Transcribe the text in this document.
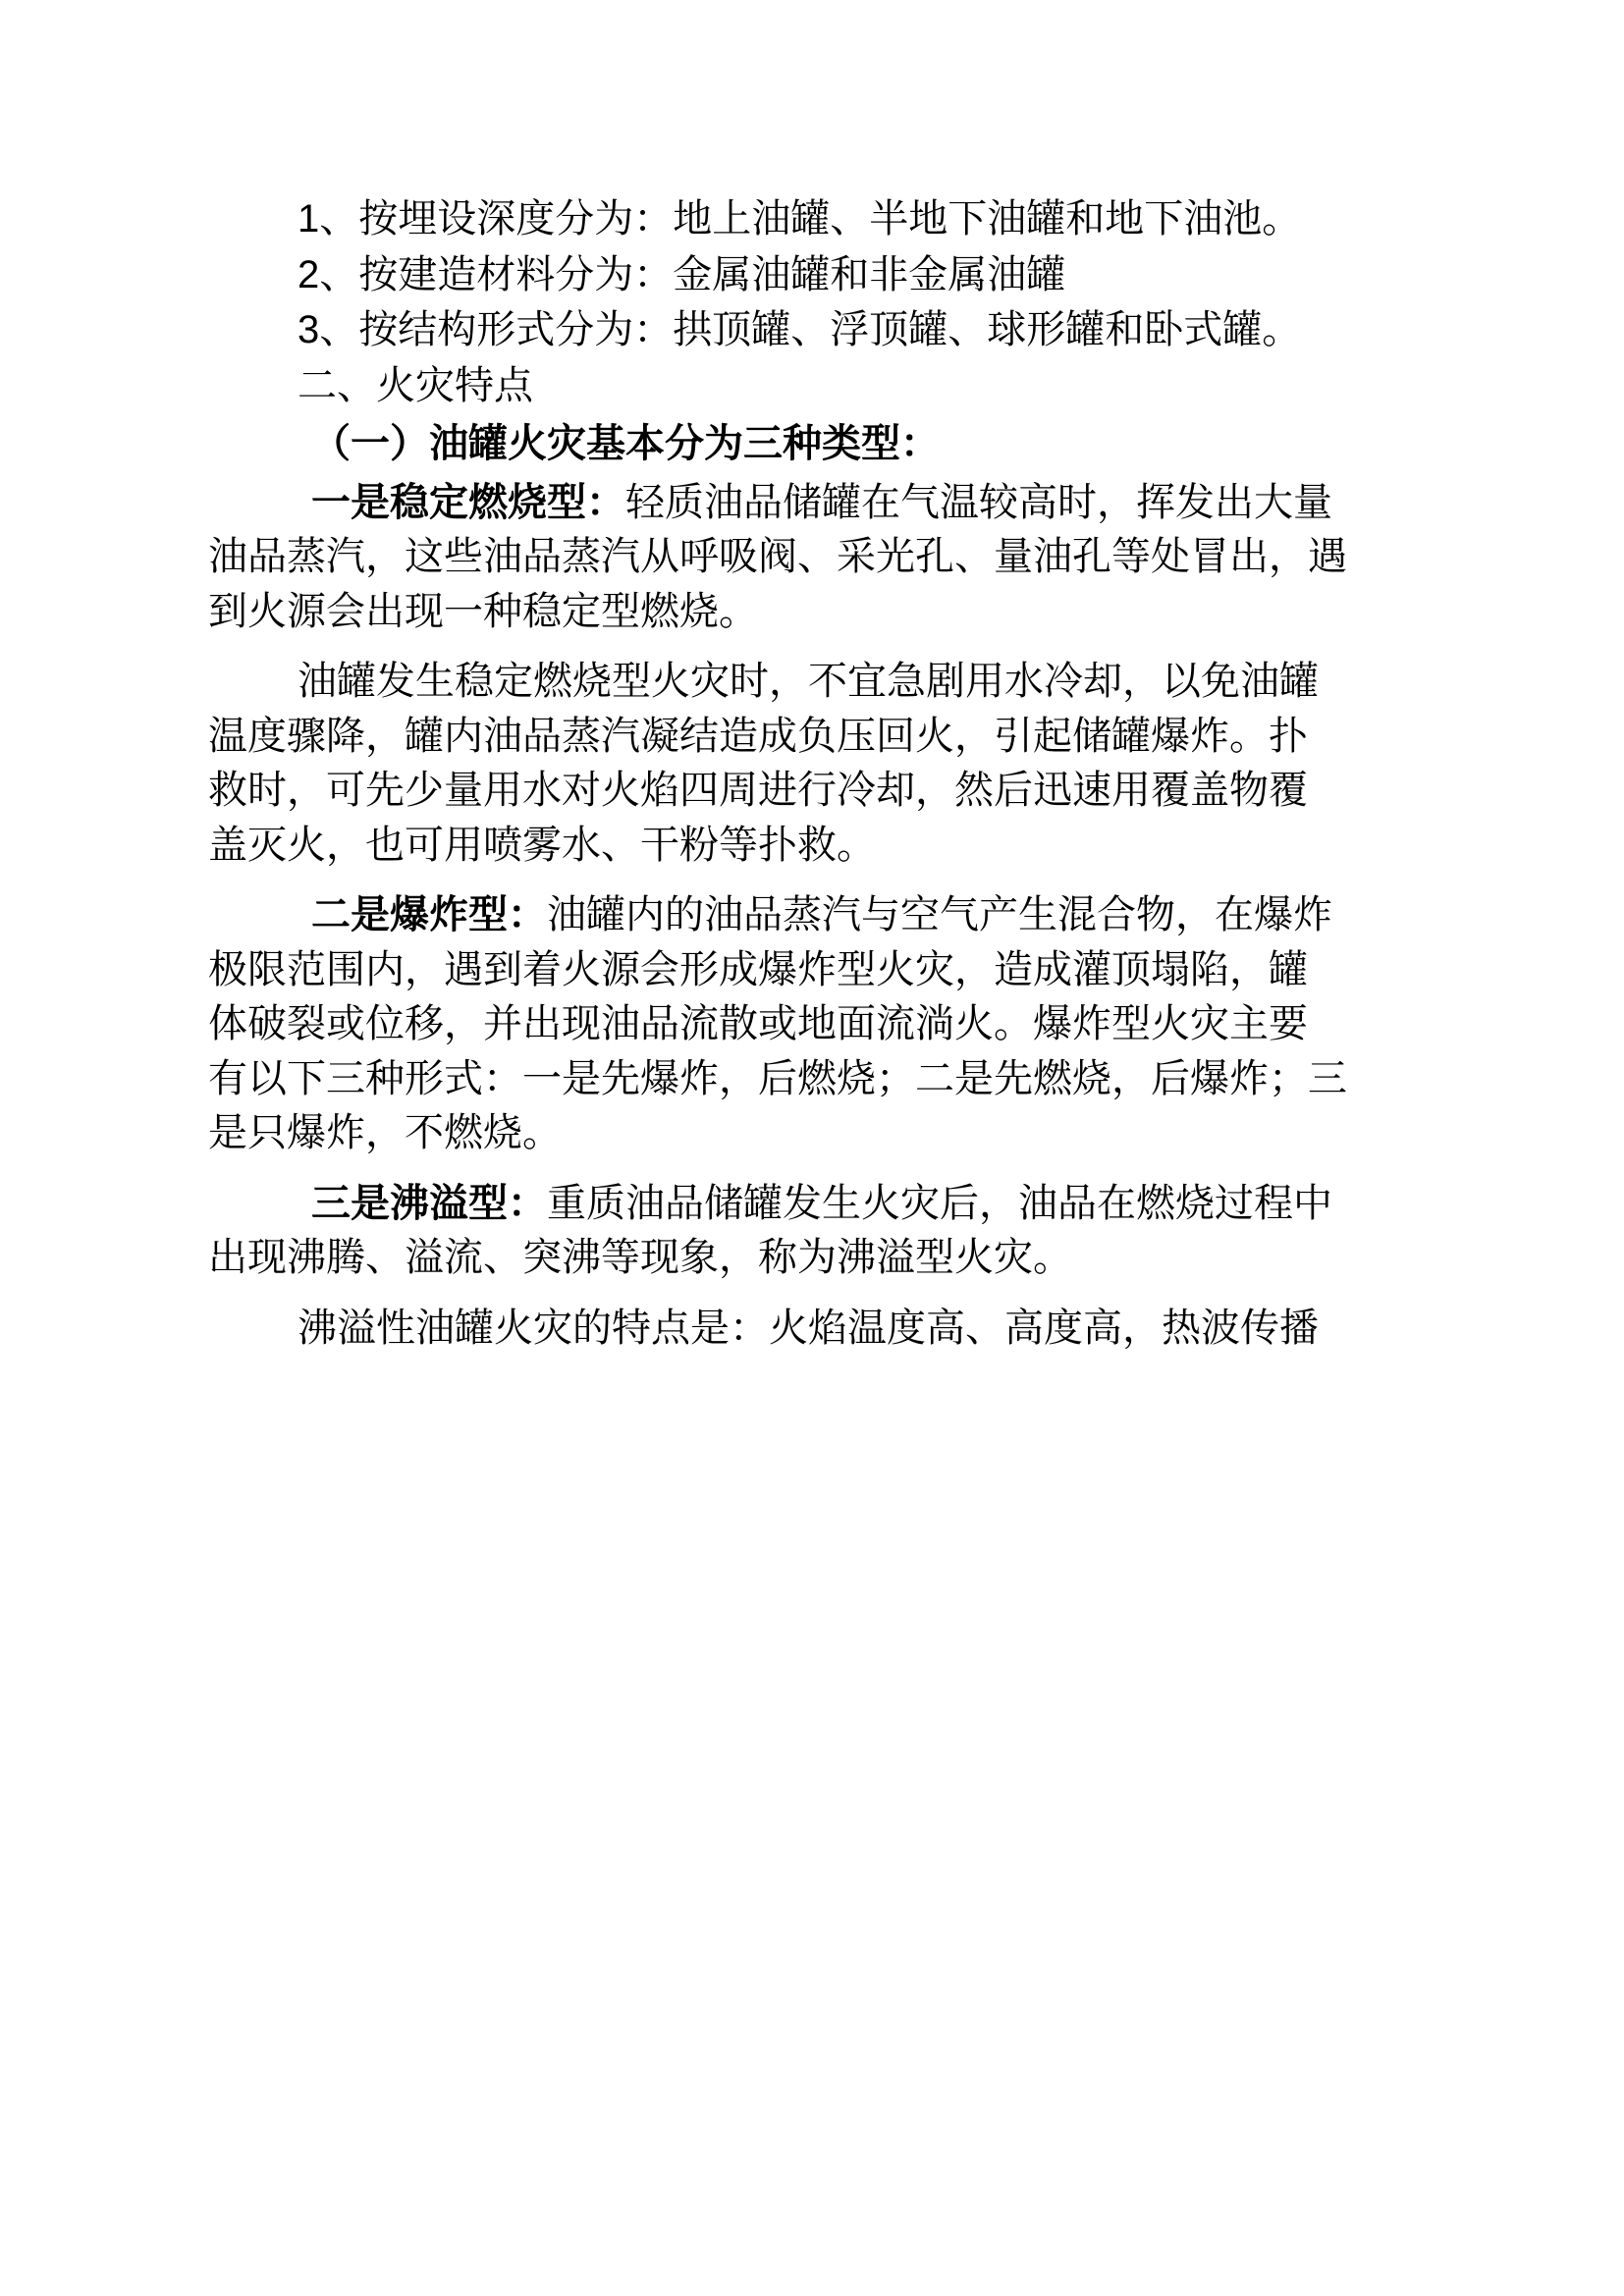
1、按埋设深度分为：地上油罐、半地下油罐和地下油池。
2、按建造材料分为：金属油罐和非金属油罐
3、按结构形式分为：拱顶罐、浮顶罐、球形罐和卧式罐。
二、火灾特点
（一）油罐火灾基本分为三种类型：
一是稳定燃烧型：轻质油品储罐在气温较高时，挥发出大量
油品蒸汽，这些油品蒸汽从呼吸阀、采光孔、量油孔等处冒出，遇
到火源会出现一种稳定型燃烧。
油罐发生稳定燃烧型火灾时，不宜急剧用水冷却，以免油罐
温度骤降，罐内油品蒸汽凝结造成负压回火，引起储罐爆炸。扑
救时，可先少量用水对火焰四周进行冷却，然后迅速用覆盖物覆
盖灭火，也可用喷雾水、干粉等扑救。
二是爆炸型：油罐内的油品蒸汽与空气产生混合物，在爆炸
极限范围内，遇到着火源会形成爆炸型火灾，造成灌顶塌陷，罐
体破裂或位移，并出现油品流散或地面流淌火。爆炸型火灾主要
有以下三种形式：一是先爆炸，后燃烧；二是先燃烧，后爆炸；三
是只爆炸，不燃烧。
三是沸溢型：重质油品储罐发生火灾后，油品在燃烧过程中
出现沸腾、溢流、突沸等现象，称为沸溢型火灾。
沸溢性油罐火灾的特点是：火焰温度高、高度高，热波传播
